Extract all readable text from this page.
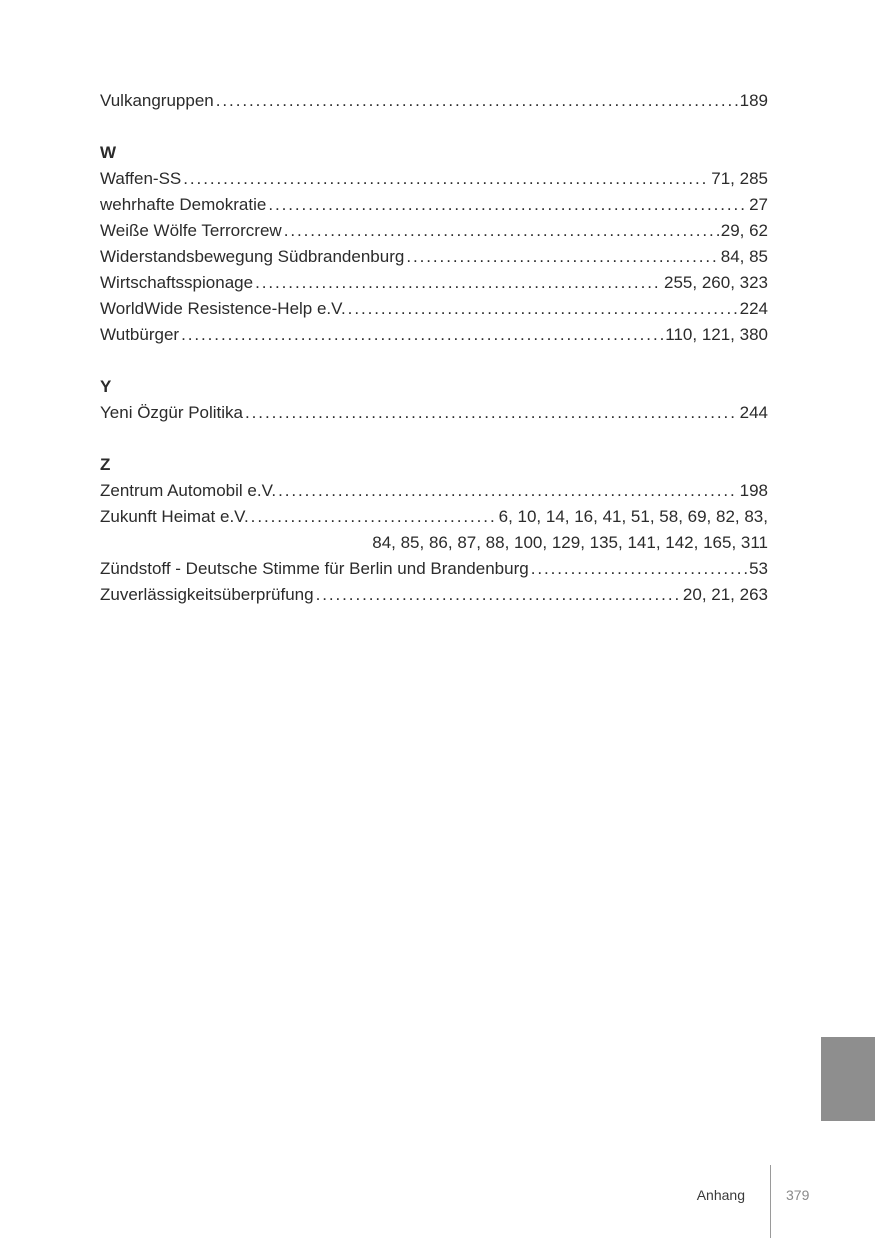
Vulkangruppen . . .	189
W
Waffen-SS . . .	71, 285
wehrhafte Demokratie . . .	27
Weiße Wölfe Terrorcrew . . .	29, 62
Widerstandsbewegung Südbrandenburg . . .	84, 85
Wirtschaftsspionage . . .	255, 260, 323
WorldWide Resistence-Help e.V. . . .	224
Wutbürger . . .	110, 121, 380
Y
Yeni Özgür Politika . . .	244
Z
Zentrum Automobil e.V. . . .	198
Zukunft Heimat e.V. . . .	6, 10, 14, 16, 41, 51, 58, 69, 82, 83,
84, 85, 86, 87, 88, 100, 129, 135, 141, 142, 165, 311
Zündstoff - Deutsche Stimme für Berlin und Brandenburg . . .	53
Zuverlässigkeitsüberprüfung . . .	20, 21, 263
Anhang	379
